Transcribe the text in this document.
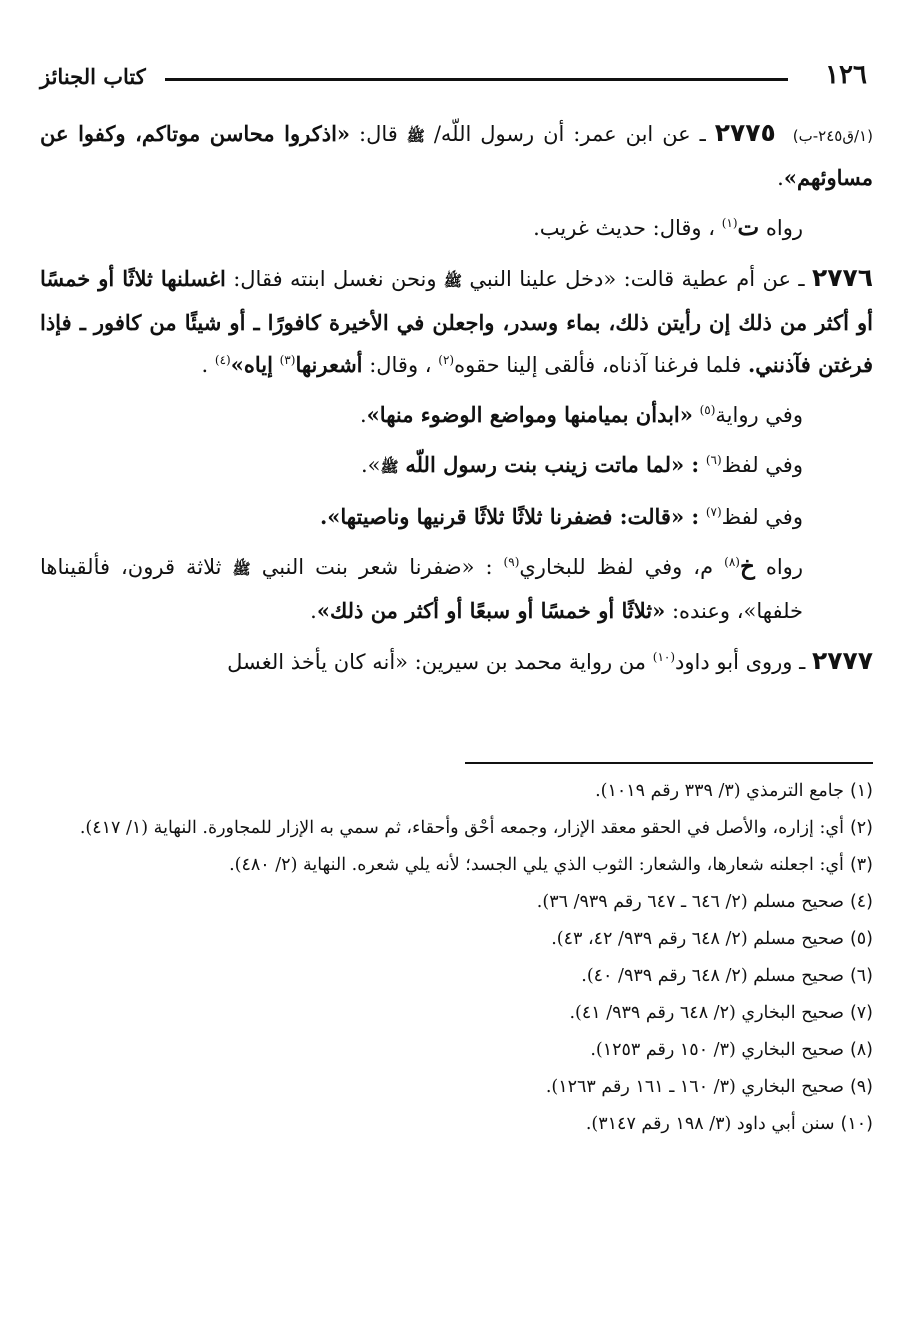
١٢٦
كتاب الجنائز

(١/ق٢٤٥-ب) ٢٧٧٥ ـ عن ابن عمر: أن رسول اللّه/ ﷺ قال: «اذكروا محاسن موتاكم، وكفوا عن مساوئهم».

رواه ت$^{(١)}$ ، وقال: حديث غريب.

٢٧٧٦ ـ عن أم عطية قالت: «دخل علينا النبي ﷺ ونحن نغسل ابنته فقال: اغسلنها ثلاثًا أو خمسًا أو أكثر من ذلك إن رأيتن ذلك، بماء وسدر، واجعلن في الأخيرة كافورًا ـ أو شيئًا من كافور ـ فإذا فرغتن فآذنني. فلما فرغنا آذناه، فألقى إلينا حقوه$^{(٢)}$ ، وقال: أشعرنها$^{(٣)}$ إياه»$^{(٤)}$ .

وفي رواية$^{(٥)}$ «ابدأن بميامنها ومواضع الوضوء منها».

وفي لفظ$^{(٦)}$ : «لما ماتت زينب بنت رسول اللّه ﷺ».

وفي لفظ$^{(٧)}$ : «قالت: فضفرنا ثلاثًا ثلاثًا قرنيها وناصيتها».

رواه خ$^{(٨)}$ م، وفي لفظ للبخاري$^{(٩)}$ : «ضفرنا شعر بنت النبي ﷺ ثلاثة قرون، فألقيناها خلفها»، وعنده: «ثلاثًا أو خمسًا أو سبعًا أو أكثر من ذلك».

٢٧٧٧ ـ وروى أبو داود$^{(١٠)}$ من رواية محمد بن سيرين: «أنه كان يأخذ الغسل

(١)جامع الترمذي (٣/ ٣٣٩ رقم ١٠١٩).

(٢)أي: إزاره، والأصل في الحقو معقد الإزار، وجمعه أحْق وأحقاء، ثم سمي به الإزار للمجاورة. النهاية (١/ ٤١٧).

(٣)أي: اجعلنه شعارها، والشعار: الثوب الذي يلي الجسد؛ لأنه يلي شعره. النهاية (٢/ ٤٨٠).

(٤)صحيح مسلم (٢/ ٦٤٦ ـ ٦٤٧ رقم ٩٣٩/ ٣٦).

(٥)صحيح مسلم (٢/ ٦٤٨ رقم ٩٣٩/ ٤٢، ٤٣).

(٦)صحيح مسلم (٢/ ٦٤٨ رقم ٩٣٩/ ٤٠).

(٧)صحيح البخاري (٢/ ٦٤٨ رقم ٩٣٩/ ٤١).

(٨)صحيح البخاري (٣/ ١٥٠ رقم ١٢٥٣).

(٩)صحيح البخاري (٣/ ١٦٠ ـ ١٦١ رقم ١٢٦٣).

(١٠)سنن أبي داود (٣/ ١٩٨ رقم ٣١٤٧).
